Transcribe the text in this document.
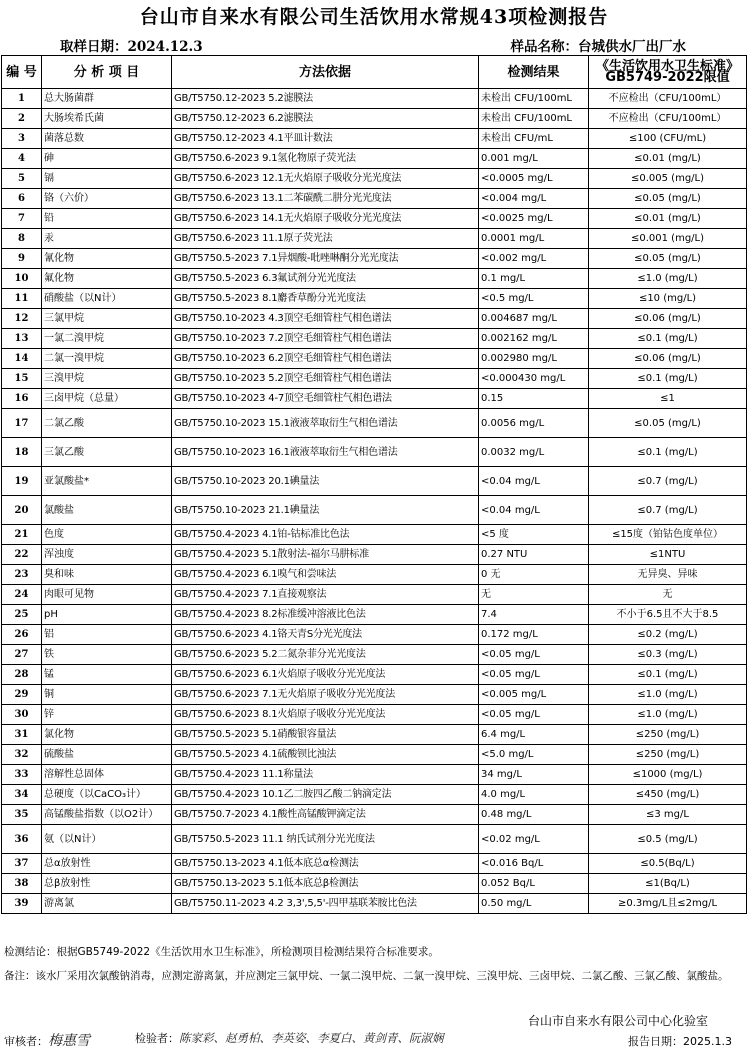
台山市自来水有限公司生活饮用水常规43项检测报告
取样日期：2024.12.3	样品名称：台城供水厂出厂水
编 号	分 析 项 目	方法依据	检测结果	《生活饮用水卫生标准》
GB5749-2022限值

1	总大肠菌群	GB/T5750.12-2023 5.2滤膜法	未检出 CFU/100mL	不应检出（CFU/100mL）
2	大肠埃希氏菌	GB/T5750.12-2023 6.2滤膜法	未检出 CFU/100mL	不应检出（CFU/100mL）
3	菌落总数	GB/T5750.12-2023 4.1平皿计数法	未检出 CFU/mL	≤100 (CFU/mL)
4	砷	GB/T5750.6-2023 9.1氢化物原子荧光法	0.001 mg/L	≤0.01 (mg/L)
5	镉	GB/T5750.6-2023 12.1无火焰原子吸收分光光度法	<0.0005 mg/L	≤0.005 (mg/L)
6	铬（六价）	GB/T5750.6-2023 13.1二苯碳酰二肼分光光度法	<0.004 mg/L	≤0.05 (mg/L)
7	铅	GB/T5750.6-2023 14.1无火焰原子吸收分光光度法	<0.0025 mg/L	≤0.01 (mg/L)
8	汞	GB/T5750.6-2023 11.1原子荧光法	0.0001 mg/L	≤0.001 (mg/L)
9	氰化物	GB/T5750.5-2023 7.1异烟酸-吡唑啉酮分光光度法	<0.002 mg/L	≤0.05 (mg/L)
10	氟化物	GB/T5750.5-2023 6.3氟试剂分光光度法	0.1 mg/L	≤1.0 (mg/L)
11	硝酸盐（以N计）	GB/T5750.5-2023 8.1麝香草酚分光光度法	<0.5 mg/L	≤10 (mg/L)
12	三氯甲烷	GB/T5750.10-2023 4.3顶空毛细管柱气相色谱法	0.004687 mg/L	≤0.06 (mg/L)
13	一氯二溴甲烷	GB/T5750.10-2023 7.2顶空毛细管柱气相色谱法	0.002162 mg/L	≤0.1 (mg/L)
14	二氯一溴甲烷	GB/T5750.10-2023 6.2顶空毛细管柱气相色谱法	0.002980 mg/L	≤0.06 (mg/L)
15	三溴甲烷	GB/T5750.10-2023 5.2顶空毛细管柱气相色谱法	<0.000430 mg/L	≤0.1 (mg/L)
16	三卤甲烷（总量）	GB/T5750.10-2023 4-7顶空毛细管柱气相色谱法	0.15	≤1
17	二氯乙酸	GB/T5750.10-2023 15.1液液萃取衍生气相色谱法	0.0056 mg/L	≤0.05 (mg/L)
18	三氯乙酸	GB/T5750.10-2023 16.1液液萃取衍生气相色谱法	0.0032 mg/L	≤0.1 (mg/L)
19	亚氯酸盐*	GB/T5750.10-2023 20.1碘量法	<0.04 mg/L	≤0.7 (mg/L)
20	氯酸盐	GB/T5750.10-2023 21.1碘量法	<0.04 mg/L	≤0.7 (mg/L)
21	色度	GB/T5750.4-2023 4.1铂-钴标准比色法	<5 度	≤15度（铂钴色度单位）
22	浑浊度	GB/T5750.4-2023 5.1散射法-福尔马肼标准	0.27 NTU	≤1NTU
23	臭和味	GB/T5750.4-2023 6.1嗅气和尝味法	0 无	无异臭、异味
24	肉眼可见物	GB/T5750.4-2023 7.1直接观察法	无	无
25	pH	GB/T5750.4-2023 8.2标准缓冲溶液比色法	7.4	不小于6.5且不大于8.5
26	铝	GB/T5750.6-2023 4.1铬天青S分光光度法	0.172 mg/L	≤0.2 (mg/L)
27	铁	GB/T5750.6-2023 5.2二氮杂菲分光光度法	<0.05 mg/L	≤0.3 (mg/L)
28	锰	GB/T5750.6-2023 6.1火焰原子吸收分光光度法	<0.05 mg/L	≤0.1 (mg/L)
29	铜	GB/T5750.6-2023 7.1无火焰原子吸收分光光度法	<0.005 mg/L	≤1.0 (mg/L)
30	锌	GB/T5750.6-2023 8.1火焰原子吸收分光光度法	<0.05 mg/L	≤1.0 (mg/L)
31	氯化物	GB/T5750.5-2023 5.1硝酸银容量法	6.4 mg/L	≤250 (mg/L)
32	硫酸盐	GB/T5750.5-2023 4.1硫酸钡比浊法	<5.0 mg/L	≤250 (mg/L)
33	溶解性总固体	GB/T5750.4-2023 11.1称量法	34 mg/L	≤1000 (mg/L)
34	总硬度（以CaCO₃计）	GB/T5750.4-2023 10.1乙二胺四乙酸二钠滴定法	4.0 mg/L	≤450 (mg/L)
35	高锰酸盐指数（以O2计）	GB/T5750.7-2023 4.1酸性高锰酸钾滴定法	0.48 mg/L	≤3 mg/L
36	氨（以N计）	GB/T5750.5-2023 11.1 纳氏试剂分光光度法	<0.02 mg/L	≤0.5 (mg/L)
37	总α放射性	GB/T5750.13-2023 4.1低本底总α检测法	<0.016 Bq/L	≤0.5(Bq/L)
38	总β放射性	GB/T5750.13-2023 5.1低本底总β检测法	0.052 Bq/L	≤1(Bq/L)
39	游离氯	GB/T5750.11-2023 4.2 3,3',5,5'-四甲基联苯胺比色法	0.50 mg/L	≥0.3mg/L且≤2mg/L
检测结论：根据GB5749-2022《生活饮用水卫生标准》，所检测项目检测结果符合标准要求。
备注：该水厂采用次氯酸钠消毒，应测定游离氯，并应测定三氯甲烷、一氯二溴甲烷、二氯一溴甲烷、三溴甲烷、三卤甲烷、二氯乙酸、三氯乙酸、氯酸盐。
台山市自来水有限公司中心化验室
审核者：梅惠雪	检验者：陈家彩、赵勇柏、李英姿、李夏白、黄剑青、阮淑娴	报告日期：2025.1.3
